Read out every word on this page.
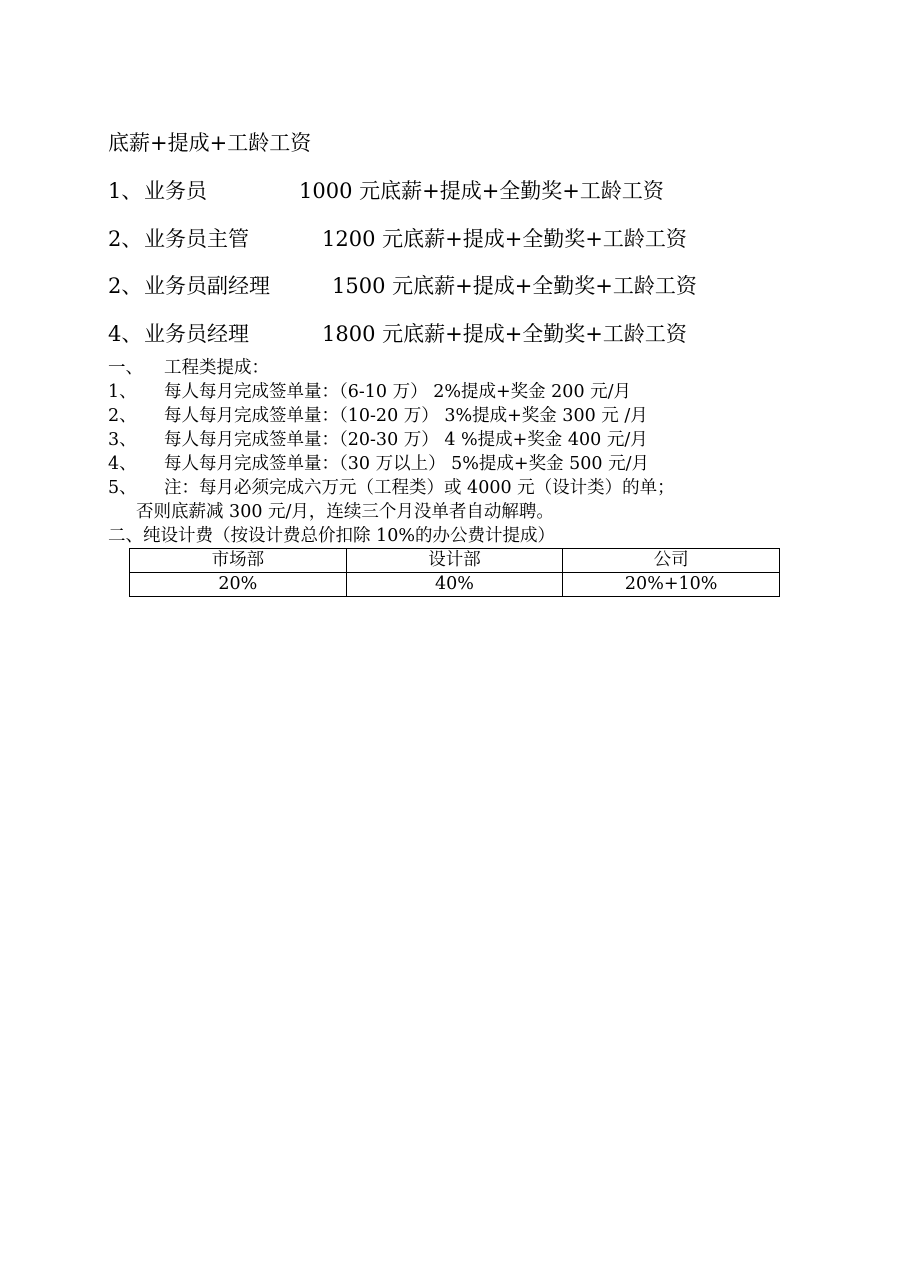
底薪+提成+工龄工资
1、 业务员	1000 元底薪+提成+全勤奖+工龄工资
2、 业务员主管	1200 元底薪+提成+全勤奖+工龄工资
2、 业务员副经理	1500 元底薪+提成+全勤奖+工龄工资
4、 业务员经理	1800 元底薪+提成+全勤奖+工龄工资
一、 工程类提成：
1、 每人每月完成签单量：（6-10 万） 2%提成+奖金 200 元/月
2、 每人每月完成签单量：（10-20 万） 3%提成+奖金 300 元 /月
3、 每人每月完成签单量：（20-30 万） 4 %提成+奖金 400 元/月
4、 每人每月完成签单量：（30 万以上） 5%提成+奖金 500 元/月
5、 注：每月必须完成六万元（工程类）或 4000 元（设计类）的单；
否则底薪减 300 元/月，连续三个月没单者自动解聘。
二、纯设计费（按设计费总价扣除 10%的办公费计提成）
市场部	设计部	公司
20%	40%	20%+10%
